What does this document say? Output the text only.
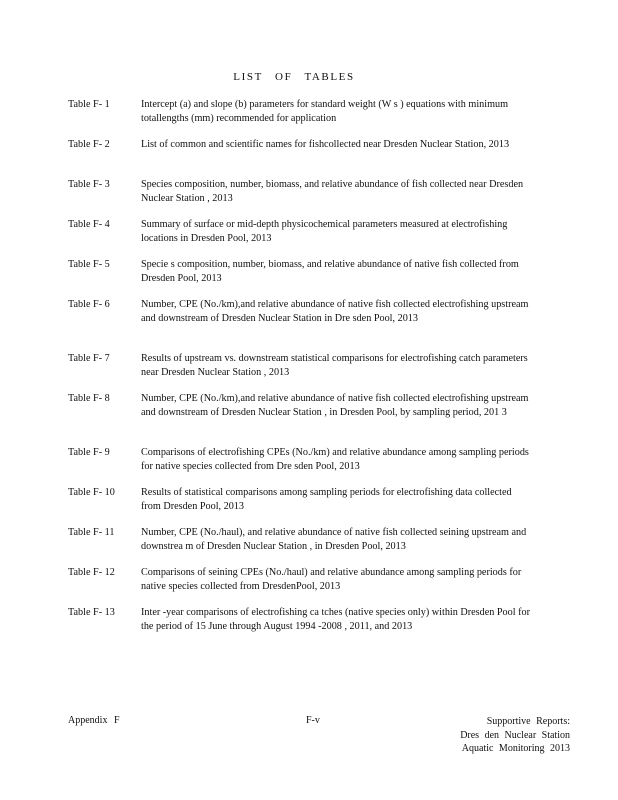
LIST OF TABLES
Table F- 1	Intercept (a) and slope (b) parameters for standard weight (W s ) equations with minimum totallengths (mm) recommended for application
Table F- 2	List of common and scientific names for fishcollected near Dresden Nuclear Station, 2013
Table F- 3	Species composition, number, biomass, and relative abundance of fish collected near Dresden Nuclear Station , 2013
Table F- 4	Summary of surface or mid-depth physicochemical parameters measured at electrofishing locations in Dresden Pool, 2013
Table F- 5	Specie s composition, number, biomass, and relative abundance of native fish collected from Dresden Pool, 2013
Table F- 6	Number, CPE (No./km),and relative abundance of native fish collected electrofishing upstream and downstream of Dresden Nuclear Station in Dre sden Pool, 2013
Table F- 7	Results of upstream vs. downstream statistical comparisons for electrofishing catch parameters near Dresden Nuclear Station , 2013
Table F- 8	Number, CPE (No./km),and relative abundance of native fish collected electrofishing upstream and downstream of Dresden Nuclear Station , in Dresden Pool, by sampling period, 201 3
Table F- 9	Comparisons of electrofishing CPEs (No./km) and relative abundance among sampling periods for native species collected from Dre sden Pool, 2013
Table F- 10	Results of statistical comparisons among sampling periods for electrofishing data collected from Dresden Pool, 2013
Table F- 11	Number, CPE (No./haul), and relative abundance of native fish collected seining upstream and downstrea m of Dresden Nuclear Station , in Dresden Pool, 2013
Table F- 12	Comparisons of seining CPEs (No./haul) and relative abundance among sampling periods for native species collected from DresdenPool, 2013
Table F- 13	Inter -year comparisons of electrofishing ca tches (native species only) within Dresden Pool for the period of 15 June through August 1994 -2008 , 2011, and 2013
Appendix F	F-v	Supportive Reports:
Dres den Nuclear Station
Aquatic Monitoring 2013
